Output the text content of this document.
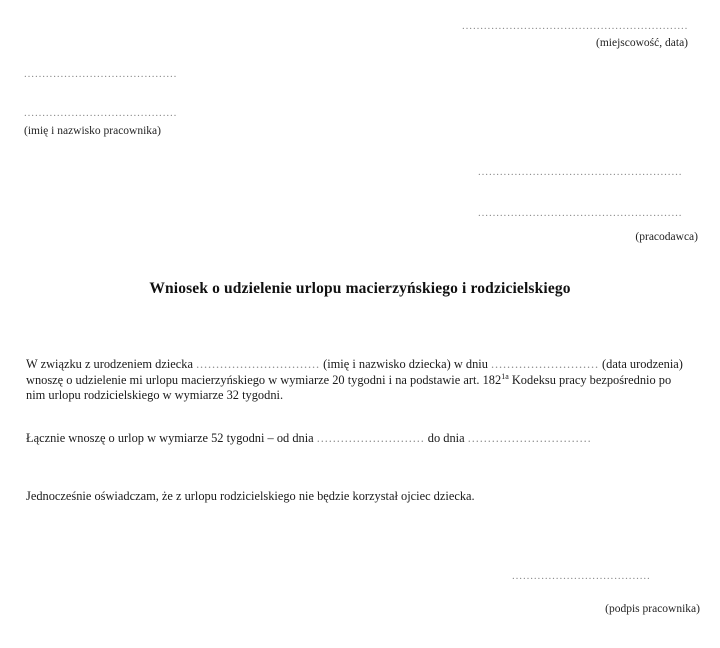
..............................................................
(miejscowość, data)
..........................................
..........................................
(imię i nazwisko pracownika)
........................................................
........................................................
(pracodawca)
Wniosek o udzielenie urlopu macierzyńskiego i rodzicielskiego

W związku z urodzeniem dziecka ............................... (imię i nazwisko dziecka) w dniu ........................... (data urodzenia) wnoszę o udzielenie mi urlopu macierzyńskiego w wymiarze 20 tygodni i na podstawie art. $182^{1a}$ Kodeksu pracy bezpośrednio po nim urlopu rodzicielskiego w wymiarze 32 tygodni.

Łącznie wnoszę o urlop w wymiarze 52 tygodni – od dnia ........................... do dnia ...............................

Jednocześnie oświadczam, że z urlopu rodzicielskiego nie będzie korzystał ojciec dziecka.

......................................
(podpis pracownika)
